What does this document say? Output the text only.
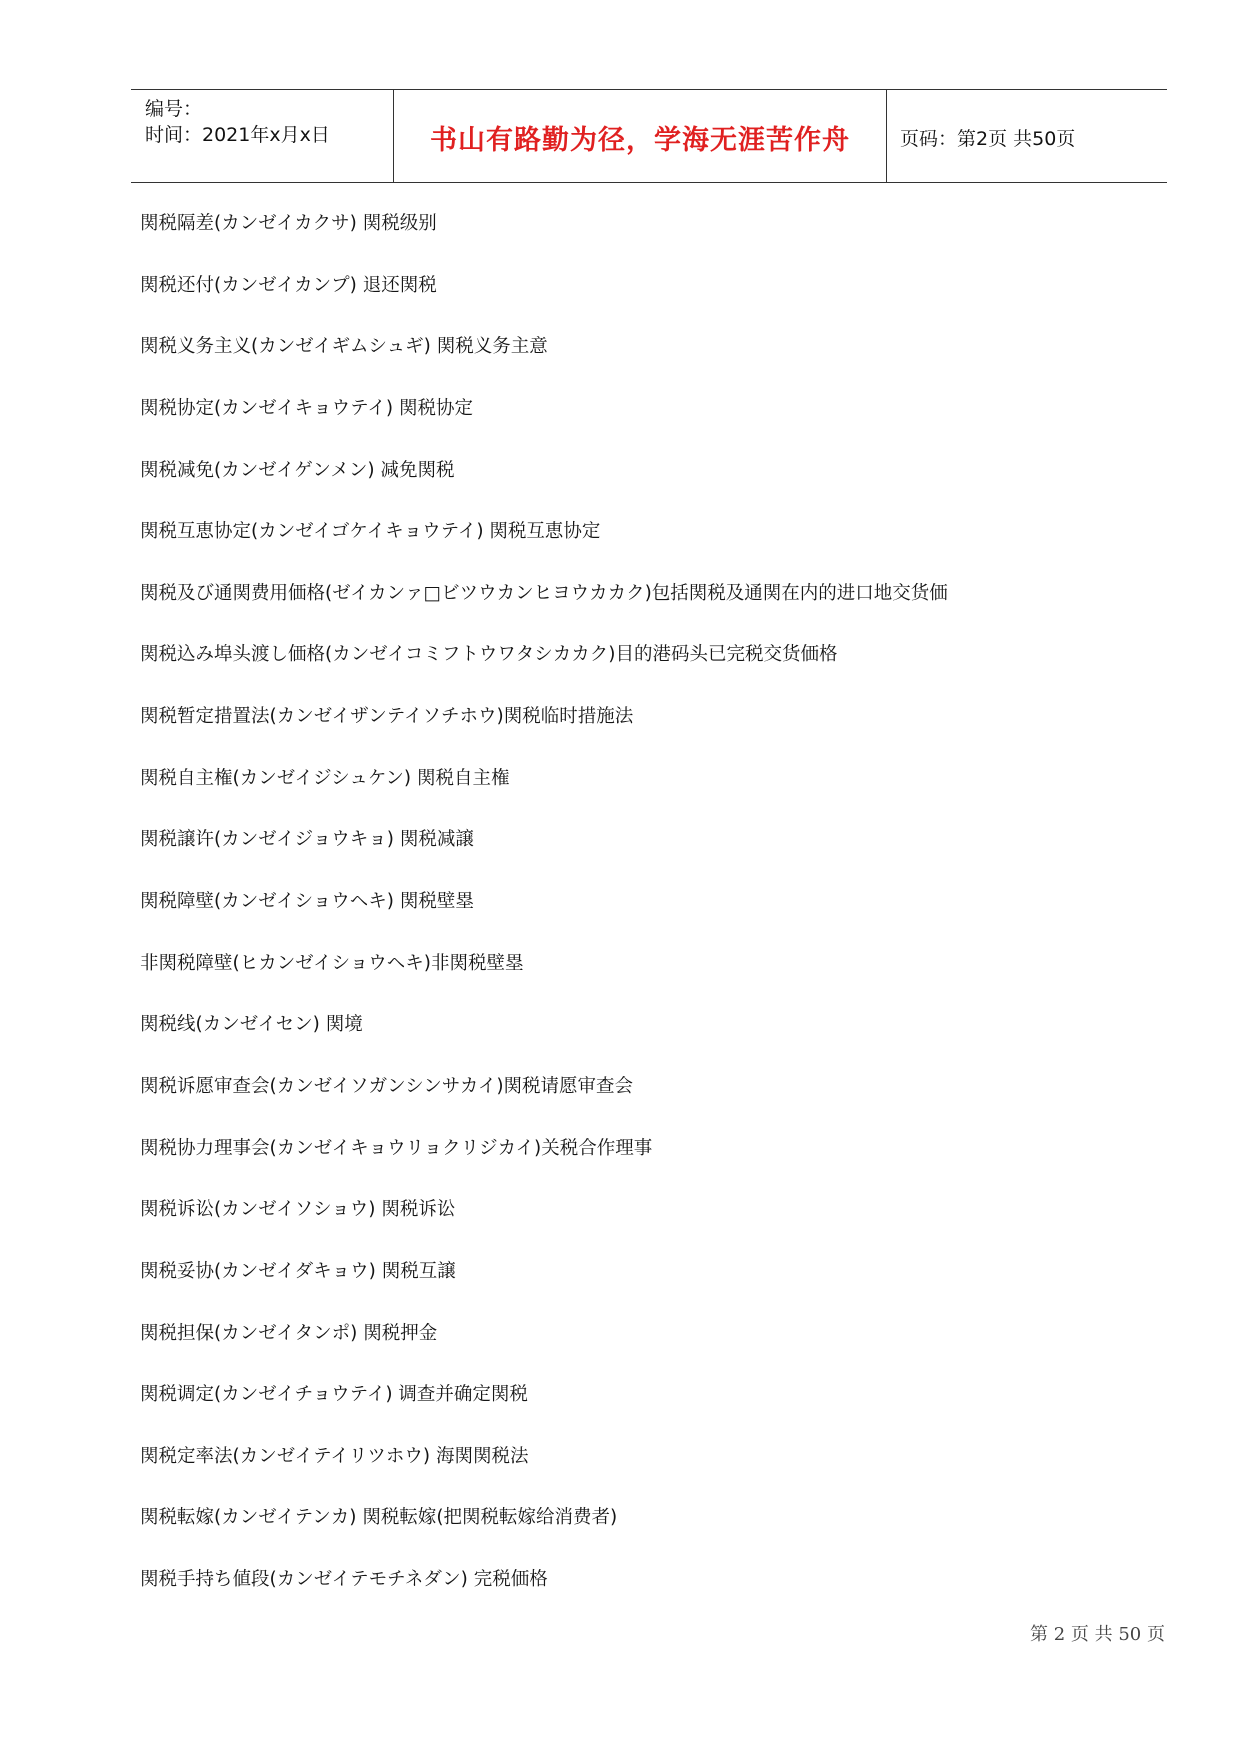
编号：
时间：2021年x月x日	书山有路勤为径，学海无涯苦作舟	页码：第2页 共50页
関税隔差(カンゼイカクサ) 関税级别
関税还付(カンゼイカンプ) 退还関税
関税义务主义(カンゼイギムシュギ) 関税义务主意
関税协定(カンゼイキョウテイ) 関税协定
関税减免(カンゼイゲンメン) 减免関税
関税互恵协定(カンゼイゴケイキョウテイ) 関税互恵协定
関税及び通関费用価格(ゼイカンァ□ビツウカンヒヨウカカク)包括関税及通関在内的进口地交货価
関税込み埠头渡し価格(カンゼイコミフトウワタシカカク)目的港码头已完税交货価格
関税暂定措置法(カンゼイザンテイソチホウ)関税临时措施法
関税自主権(カンゼイジシュケン) 関税自主権
関税譲许(カンゼイジョウキョ) 関税减譲
関税障壁(カンゼイショウヘキ) 関税壁塁
非関税障壁(ヒカンゼイショウヘキ)非関税壁塁
関税线(カンゼイセン) 関境
関税诉愿审查会(カンゼイソガンシンサカイ)関税请愿审查会
関税协力理事会(カンゼイキョウリョクリジカイ)关税合作理事
関税诉讼(カンゼイソショウ) 関税诉讼
関税妥协(カンゼイダキョウ) 関税互譲
関税担保(カンゼイタンポ) 関税押金
関税调定(カンゼイチョウテイ) 调查并确定関税
関税定率法(カンゼイテイリツホウ) 海関関税法
関税転嫁(カンゼイテンカ) 関税転嫁(把関税転嫁给消费者)
関税手持ち値段(カンゼイテモチネダン) 完税価格
第 2 页 共 50 页
